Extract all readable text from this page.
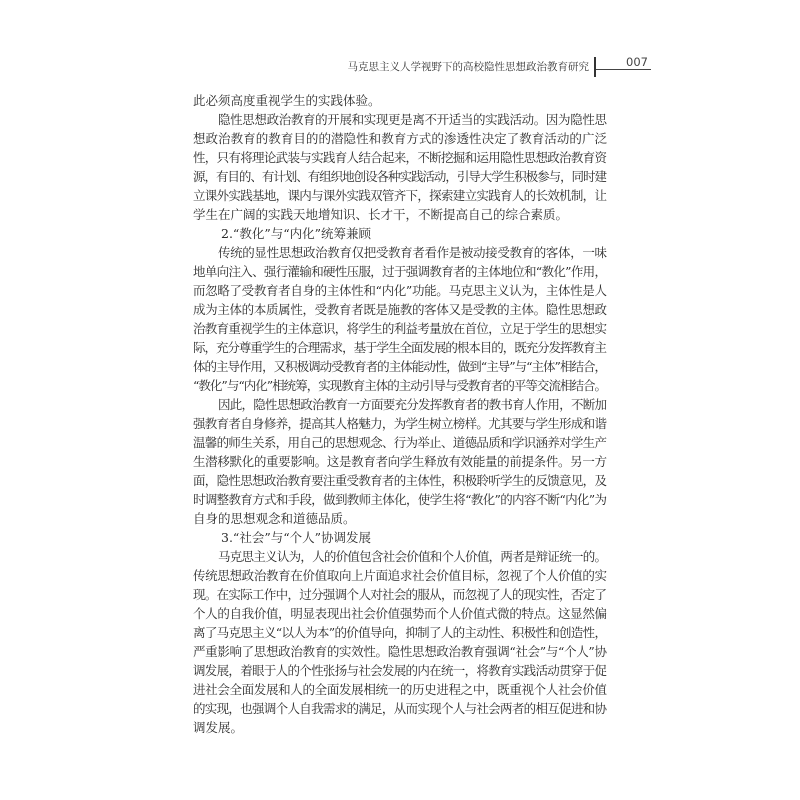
马克思主义人学视野下的高校隐性思想政治教育研究	007
此必须高度重视学生的实践体验。
隐性思想政治教育的开展和实现更是离不开适当的实践活动。因为隐性思
想政治教育的教育目的的潜隐性和教育方式的渗透性决定了教育活动的广泛
性，只有将理论武装与实践育人结合起来，不断挖掘和运用隐性思想政治教育资
源，有目的、有计划、有组织地创设各种实践活动，引导大学生积极参与，同时建
立课外实践基地，课内与课外实践双管齐下，探索建立实践育人的长效机制，让
学生在广阔的实践天地增知识、长才干，不断提高自己的综合素质。
2.“教化”与“内化”统筹兼顾
传统的显性思想政治教育仅把受教育者看作是被动接受教育的客体，一味
地单向注入、强行灌输和硬性压服，过于强调教育者的主体地位和“教化”作用，
而忽略了受教育者自身的主体性和“内化”功能。马克思主义认为，主体性是人
成为主体的本质属性，受教育者既是施教的客体又是受教的主体。隐性思想政
治教育重视学生的主体意识，将学生的利益考量放在首位，立足于学生的思想实
际，充分尊重学生的合理需求，基于学生全面发展的根本目的，既充分发挥教育主
体的主导作用，又积极调动受教育者的主体能动性，做到“主导”与“主体”相结合，
“教化”与“内化”相统筹，实现教育主体的主动引导与受教育者的平等交流相结合。
因此，隐性思想政治教育一方面要充分发挥教育者的教书育人作用，不断加
强教育者自身修养，提高其人格魅力，为学生树立榜样。尤其要与学生形成和谐
温馨的师生关系，用自己的思想观念、行为举止、道德品质和学识涵养对学生产
生潜移默化的重要影响。这是教育者向学生释放有效能量的前提条件。另一方
面，隐性思想政治教育要注重受教育者的主体性，积极聆听学生的反馈意见，及
时调整教育方式和手段，做到教师主体化，使学生将“教化”的内容不断“内化”为
自身的思想观念和道德品质。
3.“社会”与“个人”协调发展
马克思主义认为，人的价值包含社会价值和个人价值，两者是辩证统一的。
传统思想政治教育在价值取向上片面追求社会价值目标，忽视了个人价值的实
现。在实际工作中，过分强调个人对社会的服从，而忽视了人的现实性，否定了
个人的自我价值，明显表现出社会价值强势而个人价值式微的特点。这显然偏
离了马克思主义“以人为本”的价值导向，抑制了人的主动性、积极性和创造性，
严重影响了思想政治教育的实效性。隐性思想政治教育强调“社会”与“个人”协
调发展，着眼于人的个性张扬与社会发展的内在统一，将教育实践活动贯穿于促
进社会全面发展和人的全面发展相统一的历史进程之中，既重视个人社会价值
的实现，也强调个人自我需求的满足，从而实现个人与社会两者的相互促进和协
调发展。
